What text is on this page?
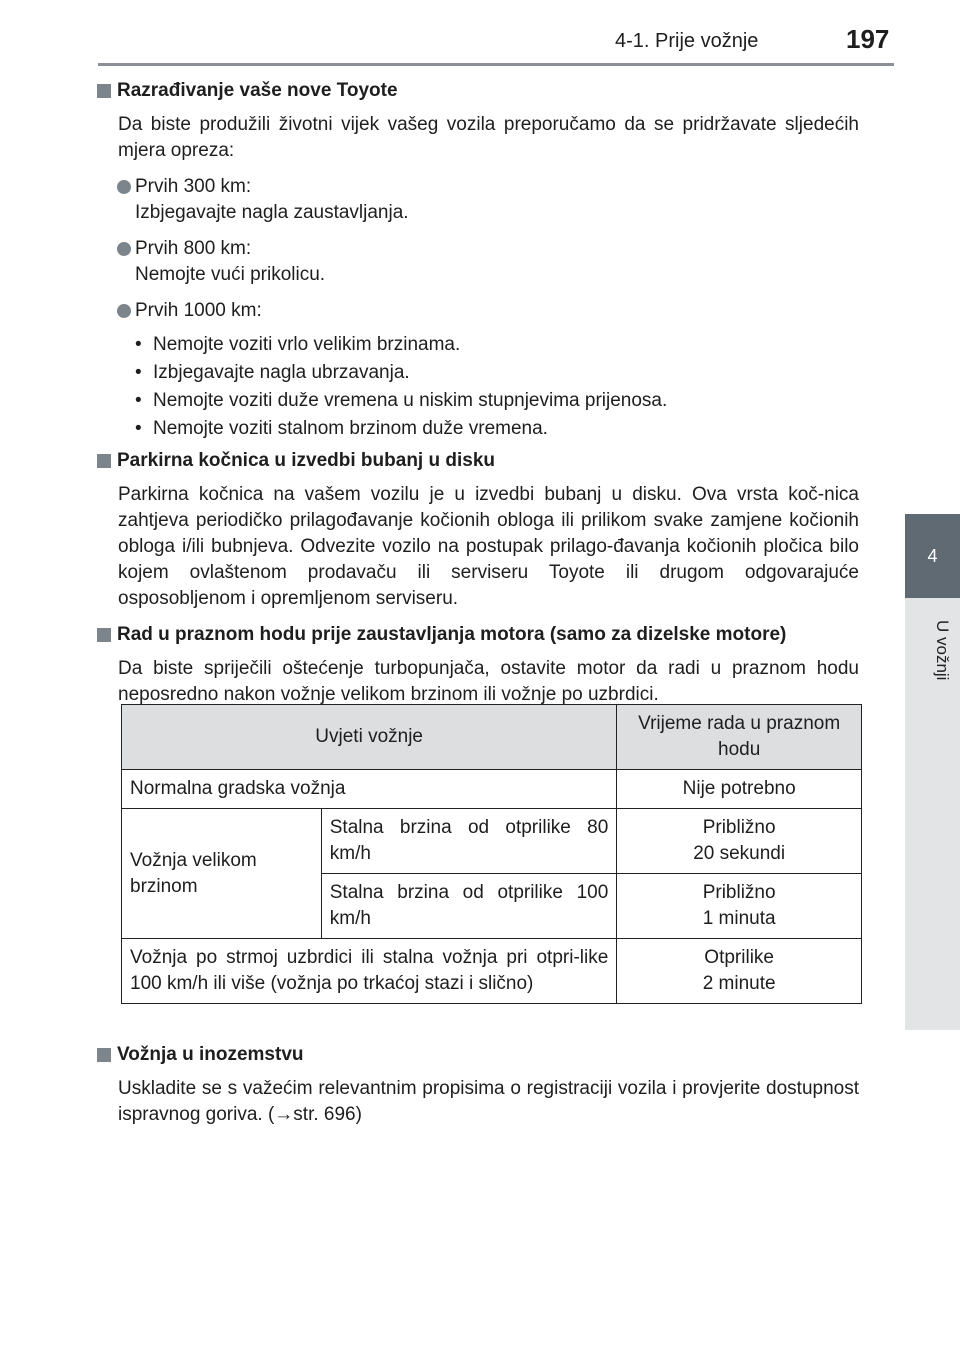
4-1. Prije vožnje	197
4
U vožnji
Razrađivanje vaše nove Toyote
Da biste produžili životni vijek vašeg vozila preporučamo da se pridržavate sljedećih mjera opreza:
Prvih 300 km:
Izbjegavajte nagla zaustavljanja.
Prvih 800 km:
Nemojte vući prikolicu.
Prvih 1000 km:
• Nemojte voziti vrlo velikim brzinama.
• Izbjegavajte nagla ubrzavanja.
• Nemojte voziti duže vremena u niskim stupnjevima prijenosa.
• Nemojte voziti stalnom brzinom duže vremena.
Parkirna kočnica u izvedbi bubanj u disku
Parkirna kočnica na vašem vozilu je u izvedbi bubanj u disku. Ova vrsta koč-nica zahtjeva periodičko prilagođavanje kočionih obloga ili prilikom svake zamjene kočionih obloga i/ili bubnjeva. Odvezite vozilo na postupak prilago-đavanja kočionih pločica bilo kojem ovlaštenom prodavaču ili serviseru Toyote ili drugom odgovarajuće osposobljenom i opremljenom serviseru.
Rad u praznom hodu prije zaustavljanja motora (samo za dizelske motore)
Da biste spriječili oštećenje turbopunjača, ostavite motor da radi u praznom hodu neposredno nakon vožnje velikom brzinom ili vožnje po uzbrdici.
Uvjeti vožnje		Vrijeme rada u praznom hodu
Normalna gradska vožnja		Nije potrebno
Vožnja velikom brzinom	Stalna brzina od otprilike 80 km/h	Približno
20 sekundi
	Stalna brzina od otprilike 100 km/h	Približno
1 minuta
Vožnja po strmoj uzbrdici ili stalna vožnja pri otpri-like 100 km/h ili više (vožnja po trkaćoj stazi i slično)		Otprilike
2 minute
Vožnja u inozemstvu
Uskladite se s važećim relevantnim propisima o registraciji vozila i provjerite dostupnost ispravnog goriva. (→str. 696)
